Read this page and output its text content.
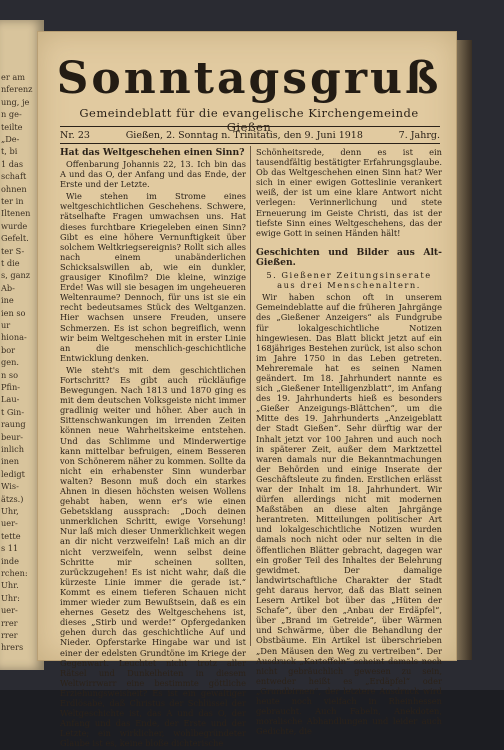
er am
nferenz
ung, je
n ge-
teilte
„De-
t, bi
1 das
schaft
ohnen
ter in
Iltenen
wurde
Gefelt.
ter S-
t die
s, ganz
Ab-
ine
ien so
ur
hiona-
bor
gen.
n so
Pfin-
Lau-
t Gin-
raung
beur-
inlich
inen
ledigt
Wis-
ätzs.)
Uhr,
uer-
tette
s 11
inde
rchen:
Uhr.
Uhr:
uer-
rrer
rrer
hrers
Sonntagsgruß
Gemeindeblatt für die evangelische Kirchengemeinde Gießen
Nr. 23	Gießen, 2. Sonntag n. Trinitatis, den 9. Juni 1918	7. Jahrg.
Hat das Weltgeschehen einen Sinn?

Offenbarung Johannis 22, 13. Ich bin das A und das O, der Anfang und das Ende, der Erste und der Letzte.

Wie stehen im Strome eines weltgeschichtlichen Geschehens. Schwere, rätselhafte Fragen umwachsen uns. Hat dieses furchtbare Kriegeleben einen Sinn? Gibt es eine höhere Vernunftigkeit über solchem Weltkriegsereignis? Rollt sich alles nach einem unabänderlichen Schicksalswillen ab, wie ein dunkler, grausiger Kinofilm? Die kleine, winzige Erde! Was will sie besagen im ungeheueren Weltenraume? Dennoch, für uns ist sie ein recht bedeutsames Stück des Weltganzen. Hier wachsen unsere Freuden, unsere Schmerzen. Es ist schon begreiflich, wenn wir beim Weltgeschehen mit in erster Linie an die menschlich-geschichtliche Entwicklung denken.

Wie steht's mit dem geschichtlichen Fortschritt? Es gibt auch rückläufige Bewegungen. Nach 1813 und 1870 ging es mit dem deutschen Volksgeiste nicht immer gradlinig weiter und höher. Aber auch in Sittenschwankungen im irrenden Zeiten können neue Wahrheitskeime entstehen. Und das Schlimme und Minderwertige kann mittelbar befruigen, einem Besseren von Schönerem näher zu kommen. Sollte da nicht ein erhabenster Sinn wunderbar walten? Besonn muß doch ein starkes Ahnen in diesen höchsten weisen Wollens gehabt haben, wenn er's wie einen Gebetsklang aussprach: „Doch deinen unmerklichen Schritt, ewige Vorsehung! Nur laß mich dieser Unmerklichkeit wegen an dir nicht verzweifeln! Laß mich an dir nicht verzweifeln, wenn selbst deine Schritte mir scheinen sollten, zurückzugehen! Es ist nicht wahr, daß die kürzeste Linie immer die gerade ist.“ Kommt es einem tieferen Schauen nicht immer wieder zum Bewußtsein, daß es ein ehernes Gesetz des Weltgeschehens ist, dieses „Stirb und werde!“ Opfergedanken gehen durch das geschichtliche Auf und Nieder. Opferstarke Hingabe war und ist einer der edelsten Grundtöne im Kriege der Gegenwart. Leuchtet nicht trotz aller Rätsel und Dunkelheiten in diesem Weltwirrwarr eine bestimmte göttliche Erziehungsweisheit? Es ist ein gewaltiger Erdlösabe, daß Christus der Schlüssel der Weltgeschichte ist, das A und das O, der Anfang und das Ende, der Erste und der Letzte; ein wirklicher, wohlbegründeter Glaube ist es, keine bloße dichterische

Schönheitsrede, denn es ist ein tausendfältig bestätigter Erfahrungsglaube. Ob das Weltgeschehen einen Sinn hat? Wer sich in einer ewigen Gotteslinie verankert weiß, der ist um eine klare Antwort nicht verlegen: Verinnerlichung und stete Erneuerung im Geiste Christi, das ist der tiefste Sinn eines Weltgeschehens, das der ewige Gott in seinen Händen hält!

Geschichten und Bilder aus Alt-Gießen.

5. Gießener Zeitungsinserate aus drei Menschenaltern.

Wir haben schon oft in unserem Gemeindeblatte auf die früheren Jahrgänge des „Gießener Anzeigers“ als Fundgrube für lokalgeschichtliche Notizen hingewiesen. Das Blatt blickt jetzt auf ein 168jähriges Bestehen zurück, ist also schon im Jahre 1750 in das Leben getreten. Mehreremale hat es seinen Namen geändert. Im 18. Jahrhundert nannte es sich „Gießener Intelligenzblatt“, im Anfang des 19. Jahrhunderts hieß es besonders „Gießer Anzeigungs-Blättchen“, um die Mitte des 19. Jahrhunderts „Anzeigeblatt der Stadt Gießen“. Sehr dürftig war der Inhalt jetzt vor 100 Jahren und auch noch in späterer Zeit, außer dem Marktzettel waren damals nur die Bekanntmachungen der Behörden und einige Inserate der Geschäftsleute zu finden. Erstlichen erlässt war der Inhalt im 18. Jahrhundert. Wir dürfen allerdings nicht mit modernen Maßstäben an diese alten Jahrgänge herantreten. Mitteilungen politischer Art und lokalgeschichtliche Notizen wurden damals noch nicht oder nur selten in die öffentlichen Blätter gebracht, dagegen war ein großer Teil des Inhaltes der Belehrung gewidmet. Der damalige landwirtschaftliche Charakter der Stadt geht daraus hervor, daß das Blatt seinen Lesern Artikel bot über das „Hüten der Schafe“, über den „Anbau der Erdäpfel“, über „Brand im Getreide“, über Wärmen und Schwärme, über die Behandlung der Obstbäume. Ein Artikel ist überschrieben „Den Mäusen den Weg zu vertreiben“. Der Ausdruck „Kartoffeln“ scheint damals noch nicht gebräuchlich gewesen zu sein, entweder heißt es „Erdäpfel“ oder „Grundbirnen“, der letztere Ausdruck wird heute noch vielfach in Rheinhessen gebraucht. Auch Fabeln, Anekdoten, moralische Abhandlungen und leider auch Gedichte, die
